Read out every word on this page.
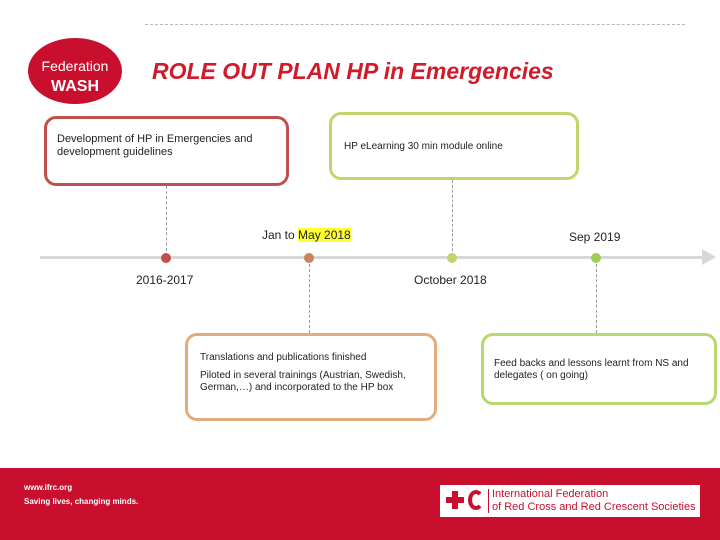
Federation
WASH
ROLE OUT PLAN HP in Emergencies
Development of HP in Emergencies and development guidelines	HP eLearning 30 min module online

Translations and publications finished

Piloted in several trainings (Austrian, Swedish, German,…) and incorporated to the HP box

Feed backs and lessons learnt from NS and delegates ( on going)
2016-2017
Jan to May 2018
October 2018
Sep 2019
www.ifrc.org
Saving lives, changing minds.
International Federation
of Red Cross and Red Crescent Societies
